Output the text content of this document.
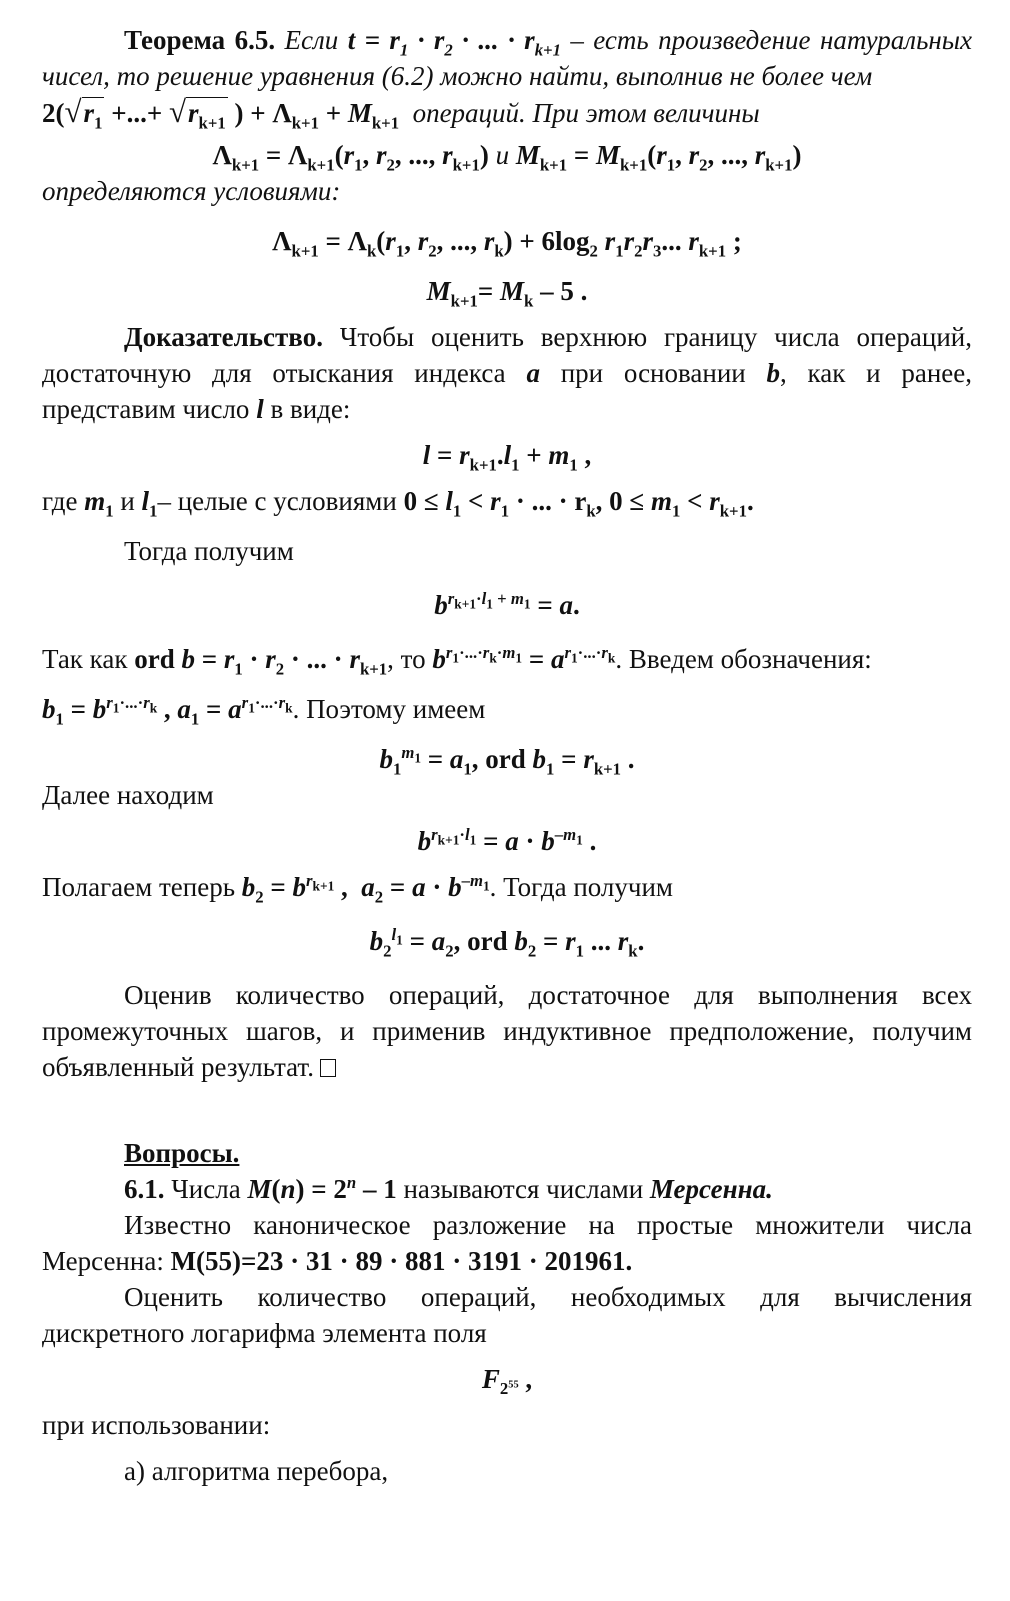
Теорема 6.5. Если $t = r_1 \cdot r_2$ · ... · $r_{k+1}$ – есть произведение натуральных чисел, то решение уравнения (6.2) можно найти, выполнив не более чем

$2(√r_1$ +...+ $√r_{k+1}$ ) + $\Lambda_{k+1} + M_{k+1}$ операций. При этом величины

$\Lambda_{k+1} = \Lambda_{k+1}(r_1$, $r_2$, ..., $r_{k+1}$) и $M_{k+1} = M_{k+1}(r_1$, $r_2$, ..., $r_{k+1}$)

определяются условиями:

$\Lambda_{k+1} = \Lambda_k(r_1$, $r_2$, ..., $r_k) + 6\log_2$ $r_1r_2r_3$... $r_{k+1}$ ;

$M_{k+1}= M_k - 5$ .

Доказательство. Чтобы оценить верхнюю границу числа операций, достаточную для отыскания индекса a при основании b, как и ранее, представим число l в виде:

$l = r_{k+1}.l_1 + m_1$ ,

где $m_1$ и $l_1-$ целые с условиями $0 \le l_1 < r_1$ · ... · $r_k$, $0 \le m_1 < r_{k+1}$.

Тогда получим

$b^{r_{k+1}\cdot l_1 + m_1} = a$.

Так как ord $b = r_1 \cdot r_2$ · ... · $r_{k+1}$, то $b^{r_1\cdot...\cdot r_k\cdot m_1} = a^{r_1\cdot...\cdot r_k}$. Введем обозначения:

$b_1 = b^{r_1\cdot...\cdot r_k}$ , $a_1 = a^{r_1\cdot...\cdot r_k}$. Поэтому имеем

$b_1^{m_1} = a_1$, ord $b_1 = r_{k+1}$ .

Далее находим

$b^{r_{k+1}\cdot l_1} = a \cdot b^{-m_1}$ .

Полагаем теперь $b_2 = b^{r_{k+1}}$ ,  $a_2 = a \cdot b^{-m_1}$. Тогда получим

$b_2^{l_1} = a_2$, ord $b_2 = r_1$ ... $r_k$.

Оценив количество операций, достаточное для выполнения всех промежуточных шагов, и применив индуктивное предположение, получим объявленный результат.

Вопросы.

6.1. Числа $M(n) = 2^n - 1$ называются числами Мерсенна.

Известно каноническое разложение на простые множители числа Мерсенна: M(55)=23 · 31 · 89 · 881 · 3191 · 201961.

Оценить количество операций, необходимых для вычисления дискретного логарифма элемента поля

$F_{2^{55}}$ ,

при использовании:

а) алгоритма перебора,
